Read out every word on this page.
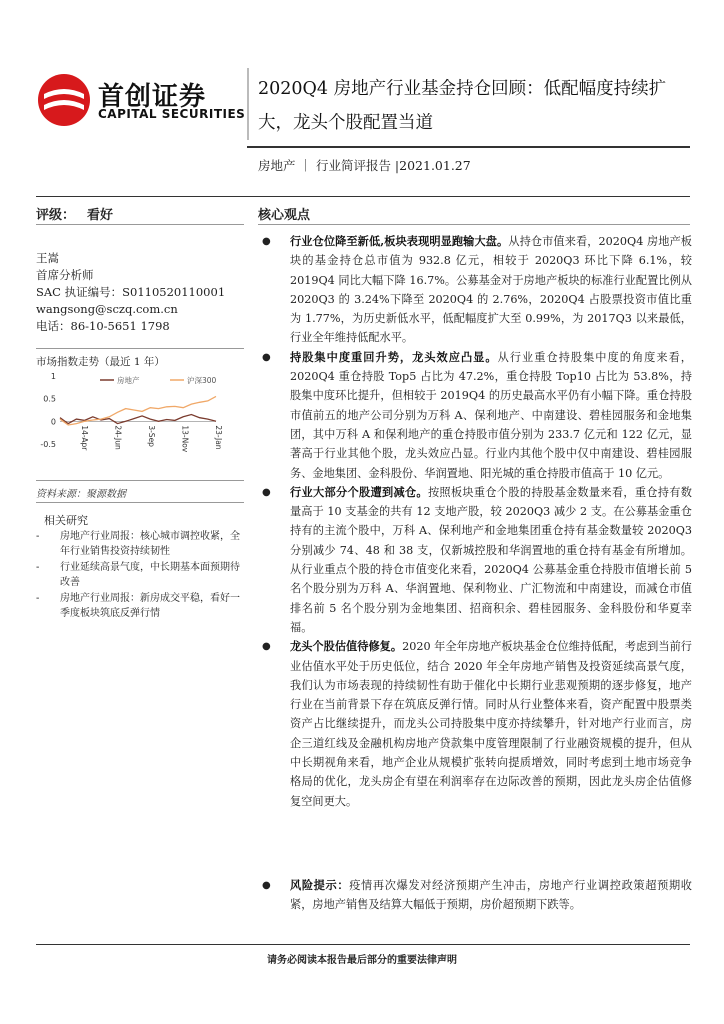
首创证券
CAPITAL SECURITIES
2020Q4 房地产行业基金持仓回顾：低配幅度持续扩大，龙头个股配置当道
房地产 ｜ 行业简评报告 |2021.01.27
评级： 看好	核心观点
王嵩
首席分析师
SAC 执证编号：S0110520110001
wangsong@sczq.com.cn
电话：86-10-5651 1798
市场指数走势（最近 1 年）
1
0.5
0
-0.5	14-Apr	24-Jun	3-Sep	13-Nov	23-Jan
房地产	沪深300
资料来源：聚源数据
相关研究
- 房地产行业周报：核心城市调控收紧，全年行业销售投资持续韧性
- 行业延续高景气度，中长期基本面预期待改善
- 房地产行业周报：新房成交平稳，看好一季度板块筑底反弹行情
● 行业仓位降至新低,板块表现明显跑输大盘。从持仓市值来看，2020Q4 房地产板块的基金持仓总市值为 932.8 亿元，相较于 2020Q3 环比下降 6.1%，较 2019Q4 同比大幅下降 16.7%。公募基金对于房地产板块的标准行业配置比例从 2020Q3 的 3.24%下降至 2020Q4 的 2.76%，2020Q4 占股票投资市值比重为 1.77%，为历史新低水平，低配幅度扩大至 0.99%，为 2017Q3 以来最低，行业全年维持低配水平。
● 持股集中度重回升势，龙头效应凸显。从行业重仓持股集中度的角度来看，2020Q4 重仓持股 Top5 占比为 47.2%，重仓持股 Top10 占比为 53.8%，持股集中度环比提升，但相较于 2019Q4 的历史最高水平仍有小幅下降。重仓持股市值前五的地产公司分别为万科 A、保利地产、中南建设、碧桂园服务和金地集团，其中万科 A 和保利地产的重仓持股市值分别为 233.7 亿元和 122 亿元，显著高于行业其他个股，龙头效应凸显。行业内其他个股中仅中南建设、碧桂园服务、金地集团、金科股份、华润置地、阳光城的重仓持股市值高于 10 亿元。
● 行业大部分个股遭到减仓。按照板块重仓个股的持股基金数量来看，重仓持有数量高于 10 支基金的共有 12 支地产股，较 2020Q3 减少 2 支。在公募基金重仓持有的主流个股中，万科 A、保利地产和金地集团重仓持有基金数量较 2020Q3 分别减少 74、48 和 38 支，仅新城控股和华润置地的重仓持有基金有所增加。从行业重点个股的持仓市值变化来看，2020Q4 公募基金重仓持股市值增长前 5 名个股分别为万科 A、华润置地、保利物业、广汇物流和中南建设，而减仓市值排名前 5 名个股分别为金地集团、招商积余、碧桂园服务、金科股份和华夏幸福。
● 龙头个股估值待修复。2020 年全年房地产板块基金仓位维持低配，考虑到当前行业估值水平处于历史低位，结合 2020 年全年房地产销售及投资延续高景气度，我们认为市场表现的持续韧性有助于催化中长期行业悲观预期的逐步修复，地产行业在当前背景下存在筑底反弹行情。同时从行业整体来看，资产配置中股票类资产占比继续提升，而龙头公司持股集中度亦持续攀升，针对地产行业而言，房企三道红线及金融机构房地产贷款集中度管理限制了行业融资规模的提升，但从中长期视角来看，地产企业从规模扩张转向提质增效，同时考虑到土地市场竞争格局的优化，龙头房企有望在利润率存在边际改善的预期，因此龙头房企估值修复空间更大。
● 风险提示：疫情再次爆发对经济预期产生冲击，房地产行业调控政策超预期收紧，房地产销售及结算大幅低于预期，房价超预期下跌等。
请务必阅读本报告最后部分的重要法律声明
